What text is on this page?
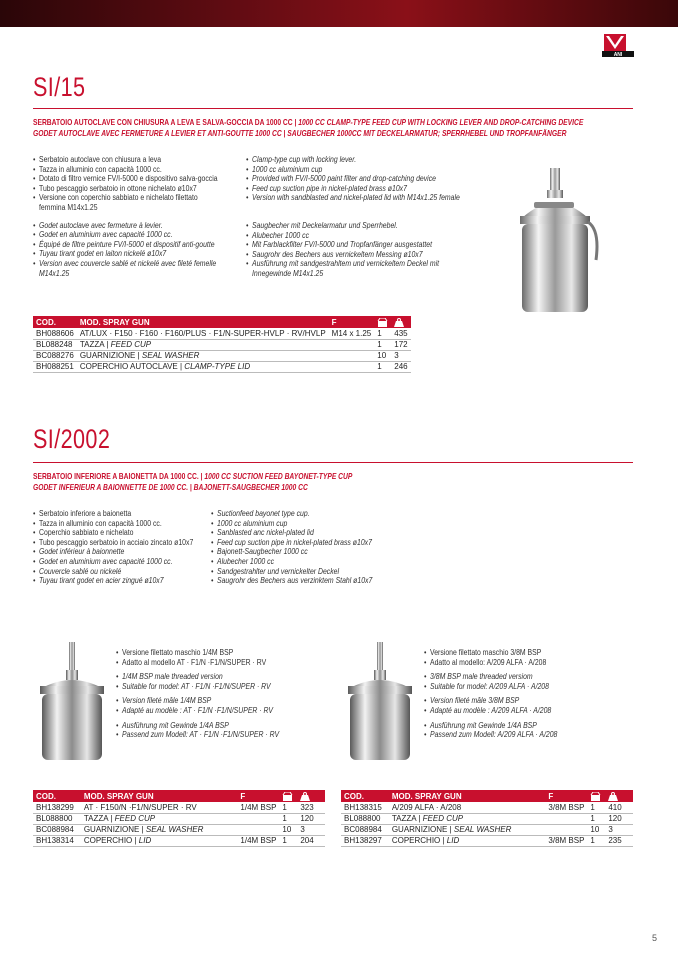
ANI
SI/15
SERBATOIO AUTOCLAVE CON CHIUSURA A LEVA E SALVA-GOCCIA DA 1000 CC | 1000 CC CLAMP-TYPE FEED CUP WITH LOCKING LEVER AND DROP-CATCHING DEVICE
GODET AUTOCLAVE AVEC FERMETURE A LEVIER ET ANTI-GOUTTE 1000 CC | SAUGBECHER 1000CC MIT DECKELARMATUR; SPERRHEBEL UND TROPFANFÄNGER
• Serbatoio autoclave con chiusura a leva
• Tazza in alluminio con capacità 1000 cc.
• Dotato di filtro vernice FV/I-5000 e dispositivo salva-goccia
• Tubo pescaggio serbatoio in ottone nichelato ø10x7
• Versione con coperchio sabbiato e nichelato filettato femmina M14x1.25
• Godet autoclave avec fermeture à levier.
• Godet en aluminium avec capacité 1000 cc.
• Équipé de filtre peinture FV/I-5000 et dispositif anti-goutte
• Tuyau tirant godet en laiton nickelé ø10x7
• Version avec couvercle sablé et nickelé avec fileté femelle M14x1.25
• Clamp-type cup with locking lever.
• 1000 cc aluminium cup
• Provided with FV/I-5000 paint filter and drop-catching device
• Feed cup suction pipe in nickel-plated brass ø10x7
• Version with sandblasted and nickel-plated lid with M14x1.25 female
• Saugbecher mit Deckelarmatur und Sperrhebel.
• Alubecher 1000 cc
• Mit Farblackfilter FV/I-5000 und Tropfanfänger ausgestattet
• Saugrohr des Bechers aus vernickeltem Messing ø10x7
• Ausführung mit sandgestrahltem und vernickeltem Deckel mit Innegewinde M14x1.25
COD.	MOD. SPRAY GUN	F		
BH088606	AT/LUX · F150 · F160 · F160/PLUS · F1/N-SUPER-HVLP · RV/HVLP	M14 x 1.25	1	435
BL088248	TAZZA | FEED CUP		1	172
BC088276	GUARNIZIONE | SEAL WASHER		10	3
BH088251	COPERCHIO AUTOCLAVE | CLAMP-TYPE LID		1	246
SI/2002
SERBATOIO INFERIORE A BAIONETTA DA 1000 CC. | 1000 CC SUCTION FEED BAYONET-TYPE CUP
GODET INFERIEUR A BAIONNETTE DE 1000 CC. | BAJONETT-SAUGBECHER 1000 CC
• Serbatoio inferiore a baionetta
• Tazza in alluminio con capacità 1000 cc.
• Coperchio sabbiato e nichelato
• Tubo pescaggio serbatoio in acciaio zincato ø10x7
• Godet inférieur à baionnette
• Godet en aluminium avec capacité 1000 cc.
• Couvercle sablé ou nickelé
• Tuyau tirant godet en acier zingué ø10x7
• Suctionfeed bayonet type cup.
• 1000 cc aluminium cup
• Sanblasted anc nickel-plated lid
• Feed cup suction pipe in nickel-plated brass ø10x7
• Bajonett-Saugbecher 1000 cc
• Alubecher 1000 cc
• Sandgestrahlter und vernickelter Deckel
• Saugrohr des Bechers aus verzinktem Stahl ø10x7
• Versione filettato maschio 1/4M BSP
• Adatto al modello AT · F1/N ·F1/N/SUPER · RV
• 1/4M BSP male threaded version
• Suitable for model: AT · F1/N ·F1/N/SUPER · RV
• Version fileté mâle 1/4M BSP
• Adapté au modèle : AT · F1/N ·F1/N/SUPER · RV
• Ausführung mit Gewinde 1/4A BSP
• Passend zum Modell: AT · F1/N ·F1/N/SUPER · RV
• Versione filettato maschio 3/8M BSP
• Adatto al modello: A/209 ALFA · A/208
• 3/8M BSP male threaded versiom
• Suitable for model: A/209 ALFA · A/208
• Version fileté mâle 3/8M BSP
• Adapté au modèle : A/209 ALFA · A/208
• Ausführung mit Gewinde 1/4A BSP
• Passend zum Modell: A/209 ALFA · A/208
COD.	MOD. SPRAY GUN	F		
BH138299	AT · F150/N ·F1/N/SUPER · RV	1/4M BSP	1	323
BL088800	TAZZA | FEED CUP		1	120
BC088984	GUARNIZIONE | SEAL WASHER		10	3
BH138314	COPERCHIO | LID	1/4M BSP	1	204
COD.	MOD. SPRAY GUN	F		
BH138315	A/209 ALFA · A/208	3/8M BSP	1	410
BL088800	TAZZA | FEED CUP		1	120
BC088984	GUARNIZIONE | SEAL WASHER		10	3
BH138297	COPERCHIO | LID	3/8M BSP	1	235
5
